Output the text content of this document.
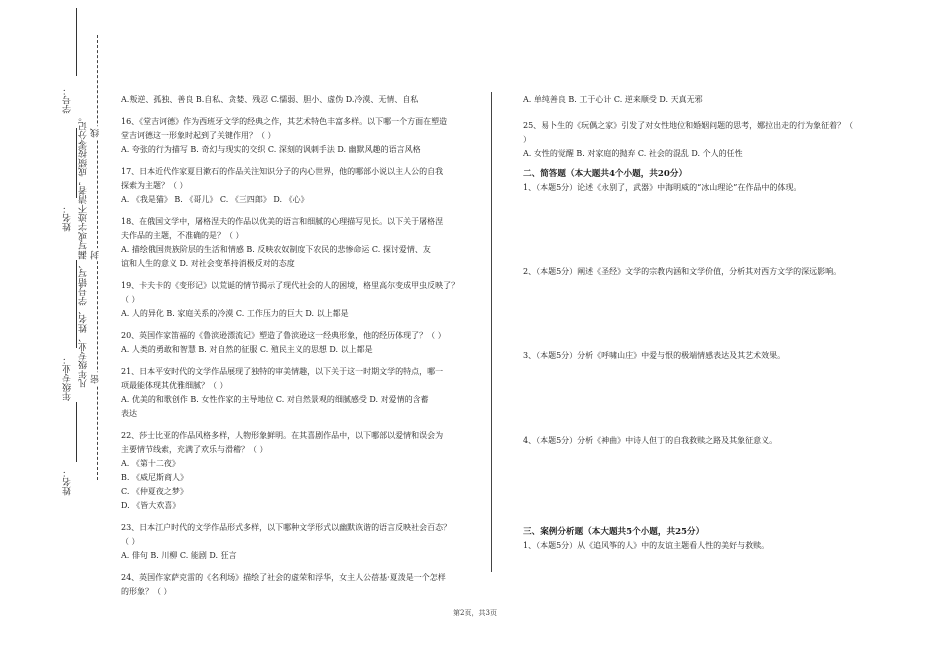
学号：
姓名：
年级专业：
姓名：
凡年级专业、姓名、学号错写、漏写或字迹不清者，成绩按零分记。 密
封
线

A.叛逆、孤独、善良 B.自私、贪婪、残忍 C.懦弱、胆小、虚伪 D.冷漠、无情、自私

16、《堂吉诃德》作为西班牙文学的经典之作，其艺术特色丰富多样。以下哪一个方面在塑造

堂吉诃德这一形象时起到了关键作用？（ ）

A. 夸张的行为描写 B. 奇幻与现实的交织 C. 深刻的讽刺手法 D. 幽默风趣的语言风格

17、日本近代作家夏目漱石的作品关注知识分子的内心世界，他的哪部小说以主人公的自我

探索为主题？（ ）

A. 《我是猫》 B. 《哥儿》 C. 《三四郎》 D. 《心》

18、在俄国文学中，屠格涅夫的作品以优美的语言和细腻的心理描写见长。以下关于屠格涅

夫作品的主题，不准确的是？（ ）

A. 描绘俄国贵族阶层的生活和情感 B. 反映农奴制度下农民的悲惨命运 C. 探讨爱情、友

谊和人生的意义 D. 对社会变革持消极反对的态度

19、卡夫卡的《变形记》以荒诞的情节揭示了现代社会的人的困境，格里高尔变成甲虫反映了？

（ ）

A. 人的异化 B. 家庭关系的冷漠 C. 工作压力的巨大 D. 以上都是

20、英国作家笛福的《鲁滨逊漂流记》塑造了鲁滨逊这一经典形象，他的经历体现了？（ ）

A. 人类的勇敢和智慧 B. 对自然的征服 C. 殖民主义的思想 D. 以上都是

21、日本平安时代的文学作品展现了独特的审美情趣，以下关于这一时期文学的特点，哪一

项最能体现其优雅细腻？（ ）

A. 优美的和歌创作 B. 女性作家的主导地位 C. 对自然景观的细腻感受 D. 对爱情的含蓄

表达

22、莎士比亚的作品风格多样，人物形象鲜明。在其喜剧作品中，以下哪部以爱情和误会为

主要情节线索，充满了欢乐与滑稽？（ ）

A. 《第十二夜》

B. 《威尼斯商人》

C. 《仲夏夜之梦》

D. 《皆大欢喜》

23、日本江户时代的文学作品形式多样，以下哪种文学形式以幽默诙谐的语言反映社会百态？

（ ）

A. 俳句 B. 川柳 C. 能剧 D. 狂言

24、英国作家萨克雷的《名利场》描绘了社会的虚荣和浮华，女主人公蓓基·夏泼是一个怎样

的形象？（ ）

A. 单纯善良 B. 工于心计 C. 逆来顺受 D. 天真无邪

25、易卜生的《玩偶之家》引发了对女性地位和婚姻问题的思考，娜拉出走的行为象征着？（

）

A. 女性的觉醒 B. 对家庭的抛弃 C. 社会的混乱 D. 个人的任性

二、简答题（本大题共4个小题，共20分）

1、（本题5分）论述《永别了，武器》中海明威的“冰山理论”在作品中的体现。

2、（本题5分）阐述《圣经》文学的宗教内涵和文学价值，分析其对西方文学的深远影响。

3、（本题5分）分析《呼啸山庄》中爱与恨的极端情感表达及其艺术效果。

4、（本题5分）分析《神曲》中诗人但丁的自我救赎之路及其象征意义。

三、案例分析题（本大题共5个小题，共25分）

1、（本题5分）从《追风筝的人》中的友谊主题看人性的美好与救赎。

第2页，共3页
